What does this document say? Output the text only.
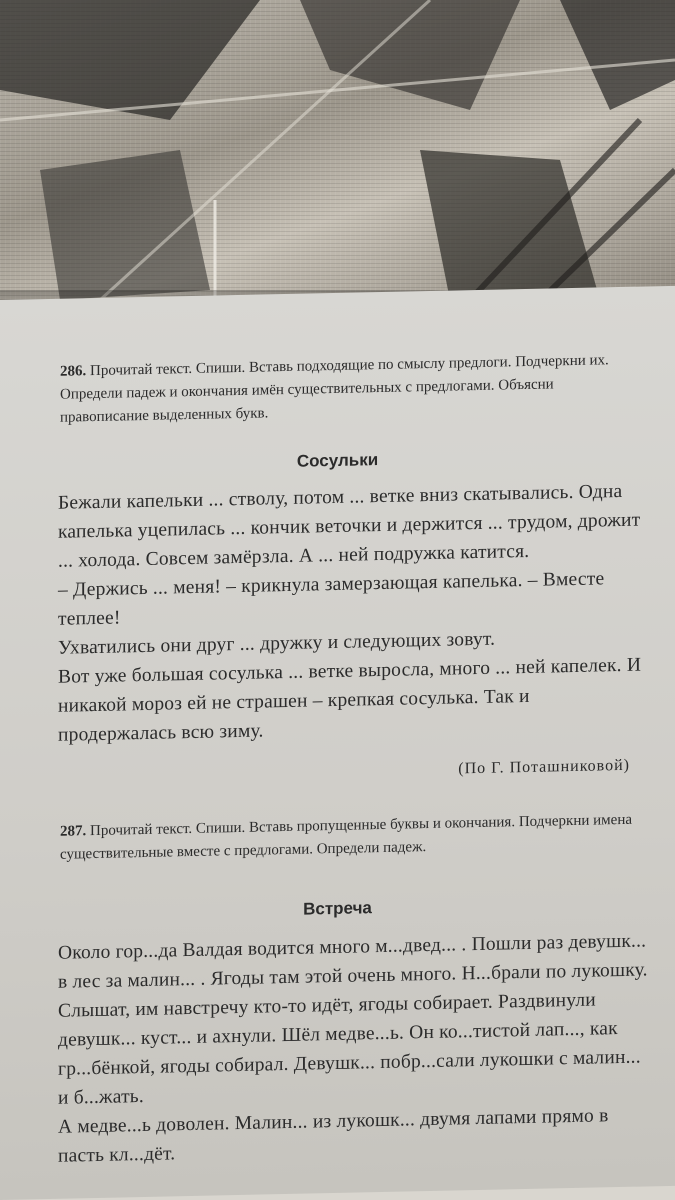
286. Прочитай текст. Спиши. Вставь подходящие по смыслу предлоги. Подчеркни их. Определи падеж и окончания имён существительных с предлогами. Объясни правописание выделенных букв.
Сосульки

Бежали капельки ... стволу, потом ... ветке вниз скатывались. Одна капелька уцепилась ... кончик веточки и держится ... трудом, дрожит ... холода. Совсем замёрзла. А ... ней подружка катится.

– Держись ... меня! – крикнула замерзающая капелька. – Вместе теплее!

Ухватились они друг ... дружку и следующих зовут.

Вот уже большая сосулька ... ветке выросла, много ... ней капелек. И никакой мороз ей не страшен – крепкая сосулька. Так и продержалась всю зиму.

(По Г. Поташниковой)
287. Прочитай текст. Спиши. Вставь пропущенные буквы и окончания. Подчеркни имена существительные вместе с предлогами. Определи падеж.
Встреча

Около гор...да Валдая водится много м...двед... . Пошли раз девушк... в лес за малин... . Ягоды там этой очень много. Н...брали по лукошку. Слышат, им навстречу кто-то идёт, ягоды собирает. Раздвинули девушк... куст... и ахнули. Шёл медве...ь. Он ко...тистой лап..., как гр...бёнкой, ягоды собирал. Девушк... побр...сали лукошки с малин... и б...жать.

А медве...ь доволен. Малин... из лукошк... двумя лапами прямо в пасть кл...дёт.
